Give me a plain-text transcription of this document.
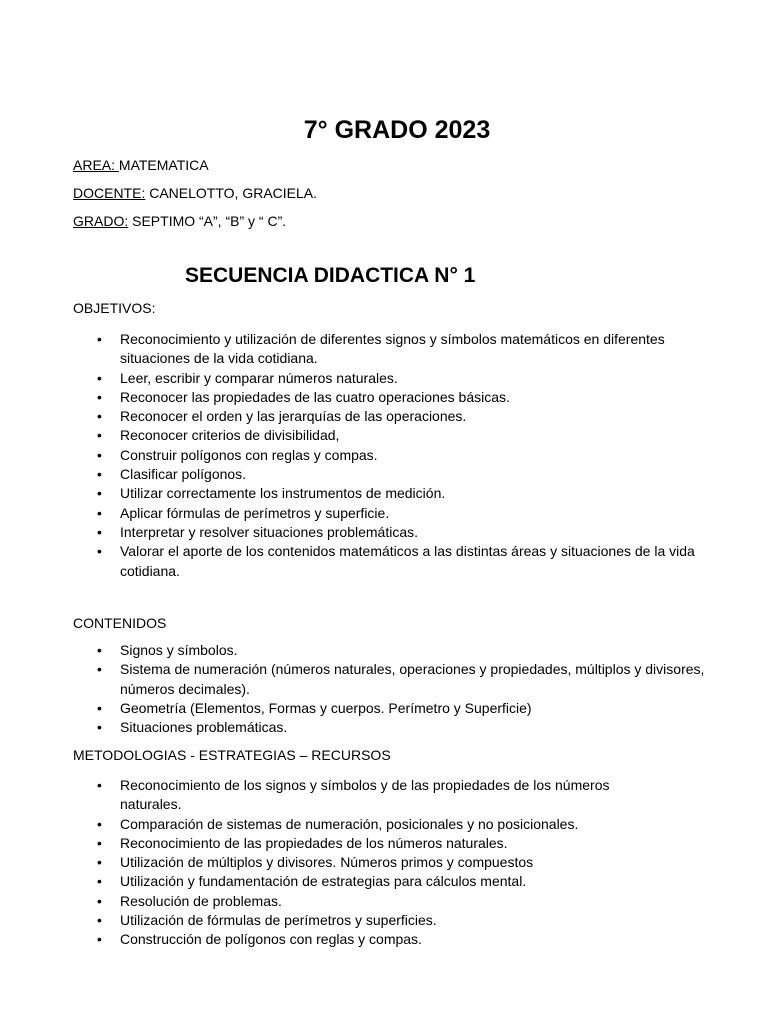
7° GRADO 2023

AREA: MATEMATICA

DOCENTE: CANELOTTO, GRACIELA.

GRADO: SEPTIMO “A”, “B” y “ C”.

SECUENCIA DIDACTICA N° 1

OBJETIVOS:

• Reconocimiento y utilización de diferentes signos y símbolos matemáticos en diferentes situaciones de la vida cotidiana.
• Leer, escribir y comparar números naturales.
• Reconocer las propiedades de las cuatro operaciones básicas.
• Reconocer el orden y las jerarquías de las operaciones.
• Reconocer criterios de divisibilidad,
• Construir polígonos con reglas y compas.
• Clasificar polígonos.
• Utilizar correctamente los instrumentos de medición.
• Aplicar fórmulas de perímetros y superficie.
• Interpretar y resolver situaciones problemáticas.
• Valorar el aporte de los contenidos matemáticos a las distintas áreas y situaciones de la vida cotidiana.

CONTENIDOS

• Signos y símbolos.
• Sistema de numeración (números naturales, operaciones y propiedades, múltiplos y divisores, números decimales).
• Geometría (Elementos, Formas y cuerpos. Perímetro y Superficie)
• Situaciones problemáticas.

METODOLOGIAS - ESTRATEGIAS – RECURSOS

• Reconocimiento de los signos y símbolos y de las propiedades de los números naturales.
• Comparación de sistemas de numeración, posicionales y no posicionales.
• Reconocimiento de las propiedades de los números naturales.
• Utilización de múltiplos y divisores. Números primos y compuestos
• Utilización y fundamentación de estrategias para cálculos mental.
• Resolución de problemas.
• Utilización de fórmulas de perímetros y superficies.
• Construcción de polígonos con reglas y compas.
